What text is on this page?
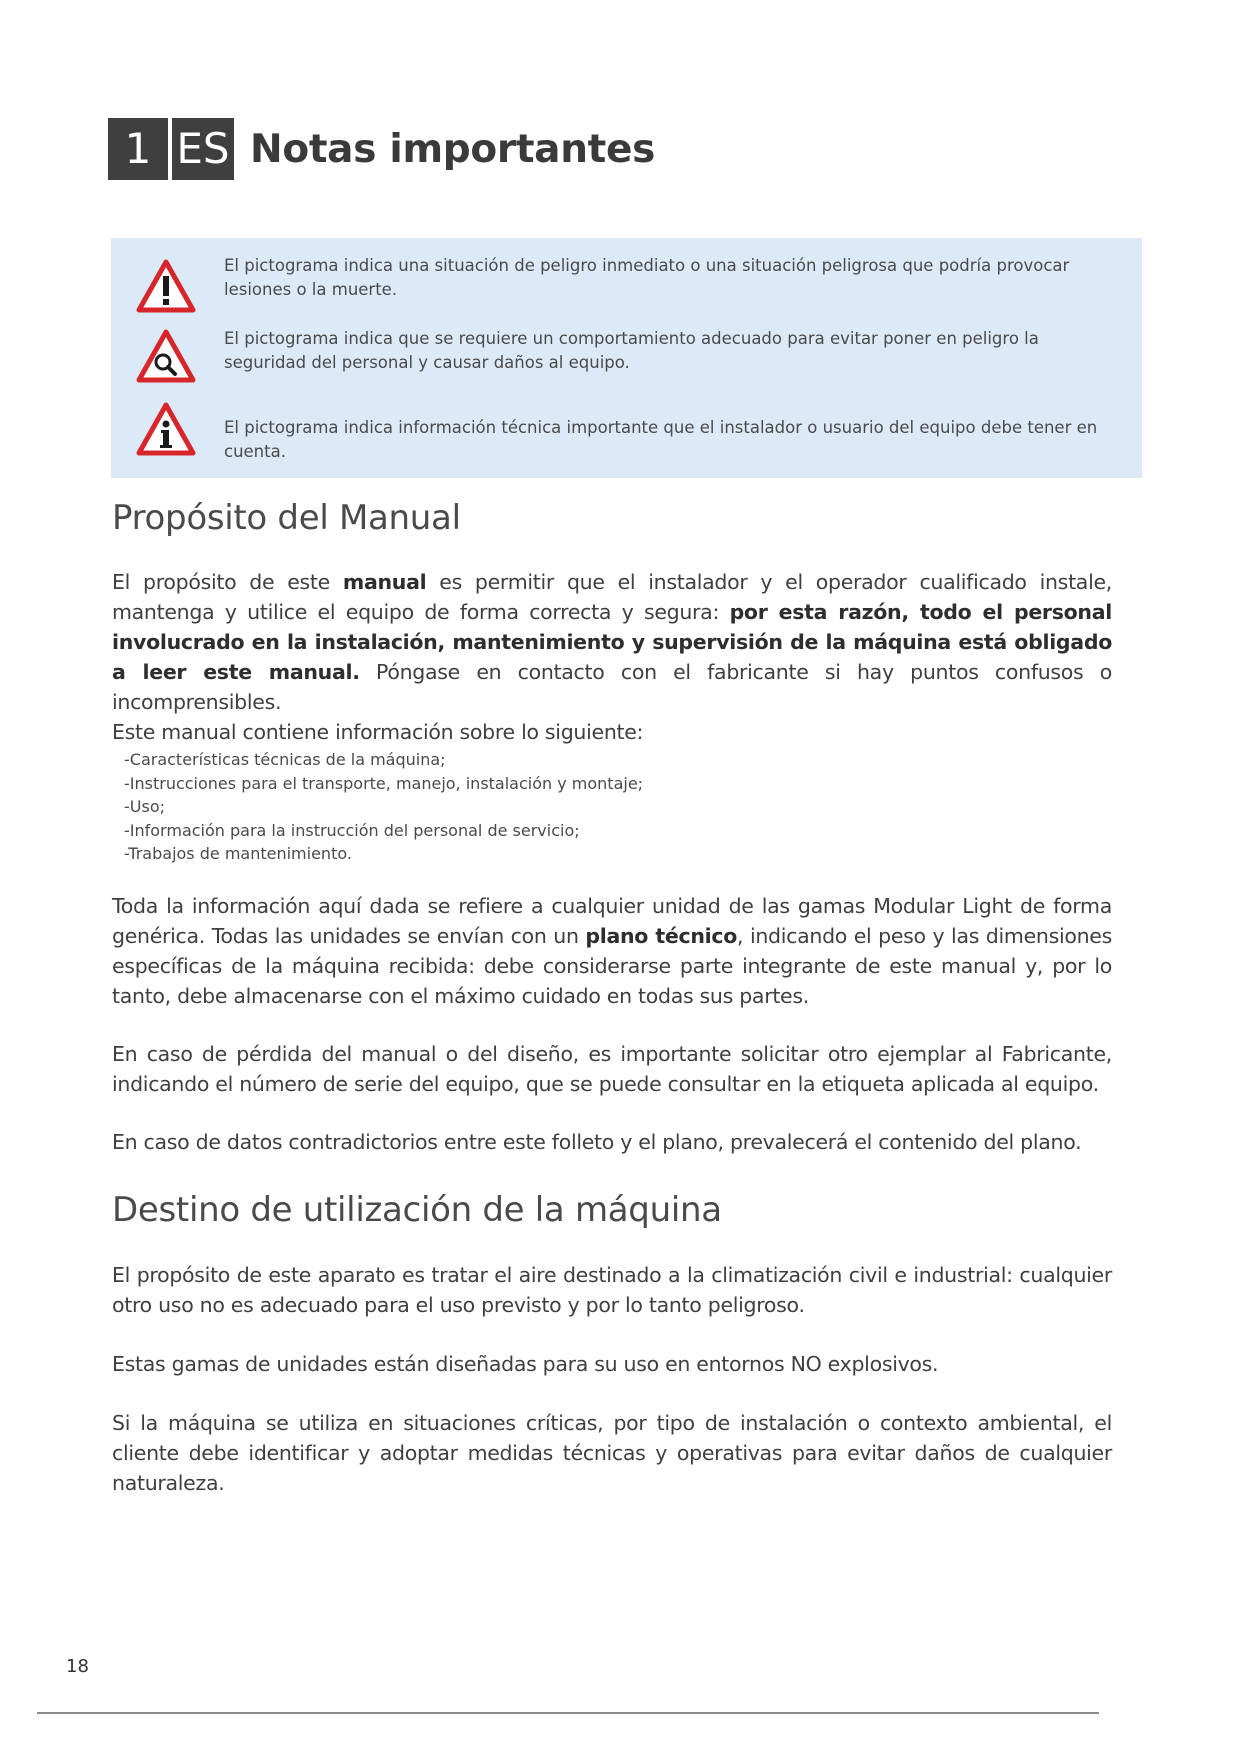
1 ES Notas importantes
El pictograma indica una situación de peligro inmediato o una situación peligrosa que podría provocar lesiones o la muerte.
El pictograma indica que se requiere un comportamiento adecuado para evitar poner en peligro la seguridad del personal y causar daños al equipo.
El pictograma indica información técnica importante que el instalador o usuario del equipo debe tener en cuenta.
Propósito del Manual

El propósito de este manual es permitir que el instalador y el operador cualificado instale, mantenga y utilice el equipo de forma correcta y segura: por esta razón, todo el personal involucrado en la instalación, mantenimiento y supervisión de la máquina está obligado a leer este manual. Póngase en contacto con el fabricante si hay puntos confusos o incomprensibles.

Este manual contiene información sobre lo siguiente:
-Características técnicas de la máquina;
-Instrucciones para el transporte, manejo, instalación y montaje;
-Uso;
-Información para la instrucción del personal de servicio;
-Trabajos de mantenimiento.

Toda la información aquí dada se refiere a cualquier unidad de las gamas Modular Light de forma genérica. Todas las unidades se envían con un plano técnico, indicando el peso y las dimensiones específicas de la máquina recibida: debe considerarse parte integrante de este manual y, por lo tanto, debe almacenarse con el máximo cuidado en todas sus partes.

En caso de pérdida del manual o del diseño, es importante solicitar otro ejemplar al Fabricante, indicando el número de serie del equipo, que se puede consultar en la etiqueta aplicada al equipo.

En caso de datos contradictorios entre este folleto y el plano, prevalecerá el contenido del plano.

Destino de utilización de la máquina

El propósito de este aparato es tratar el aire destinado a la climatización civil e industrial: cualquier otro uso no es adecuado para el uso previsto y por lo tanto peligroso.

Estas gamas de unidades están diseñadas para su uso en entornos NO explosivos.

Si la máquina se utiliza en situaciones críticas, por tipo de instalación o contexto ambiental, el cliente debe identificar y adoptar medidas técnicas y operativas para evitar daños de cualquier naturaleza.

18
